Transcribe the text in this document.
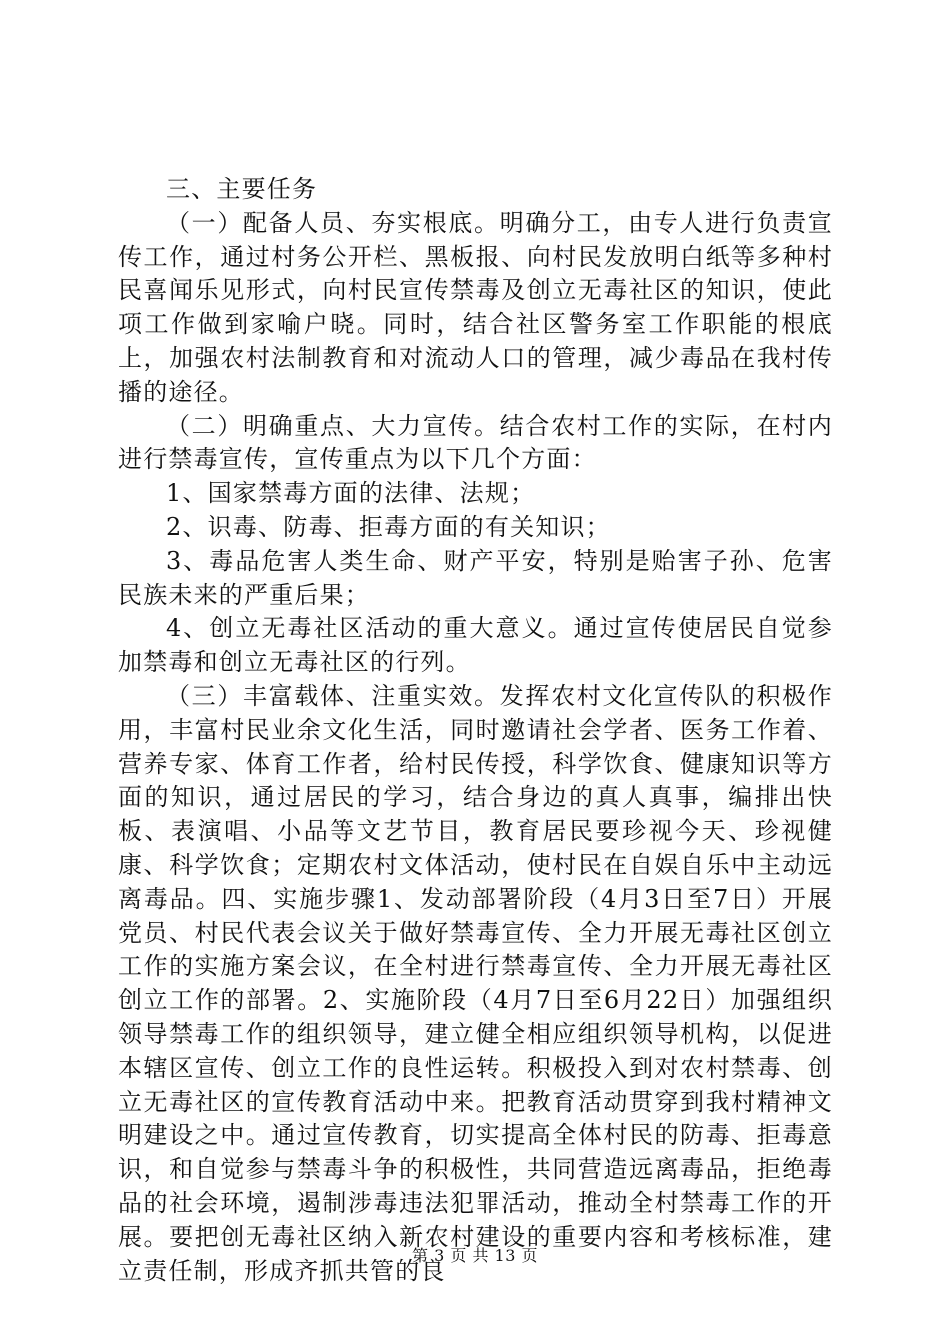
三、主要任务

（一）配备人员、夯实根底。明确分工，由专人进行负责宣传工作，通过村务公开栏、黑板报、向村民发放明白纸等多种村民喜闻乐见形式，向村民宣传禁毒及创立无毒社区的知识，使此项工作做到家喻户晓。同时，结合社区警务室工作职能的根底上，加强农村法制教育和对流动人口的管理，减少毒品在我村传播的途径。

（二）明确重点、大力宣传。结合农村工作的实际，在村内进行禁毒宣传，宣传重点为以下几个方面：

1、国家禁毒方面的法律、法规；

2、识毒、防毒、拒毒方面的有关知识；

3、毒品危害人类生命、财产平安，特别是贻害子孙、危害民族未来的严重后果；

4、创立无毒社区活动的重大意义。通过宣传使居民自觉参加禁毒和创立无毒社区的行列。

（三）丰富载体、注重实效。发挥农村文化宣传队的积极作用，丰富村民业余文化生活，同时邀请社会学者、医务工作着、营养专家、体育工作者，给村民传授，科学饮食、健康知识等方面的知识，通过居民的学习，结合身边的真人真事，编排出快板、表演唱、小品等文艺节目，教育居民要珍视今天、珍视健康、科学饮食；定期农村文体活动，使村民在自娱自乐中主动远离毒品。四、实施步骤1、发动部署阶段（4月3日至7日）开展党员、村民代表会议关于做好禁毒宣传、全力开展无毒社区创立工作的实施方案会议，在全村进行禁毒宣传、全力开展无毒社区创立工作的部署。2、实施阶段（4月7日至6月22日）加强组织领导禁毒工作的组织领导，建立健全相应组织领导机构，以促进本辖区宣传、创立工作的良性运转。积极投入到对农村禁毒、创立无毒社区的宣传教育活动中来。把教育活动贯穿到我村精神文明建设之中。通过宣传教育，切实提高全体村民的防毒、拒毒意识，和自觉参与禁毒斗争的积极性，共同营造远离毒品，拒绝毒品的社会环境，遏制涉毒违法犯罪活动，推动全村禁毒工作的开展。要把创无毒社区纳入新农村建设的重要内容和考核标准，建立责任制，形成齐抓共管的良

第 3 页 共 13 页
